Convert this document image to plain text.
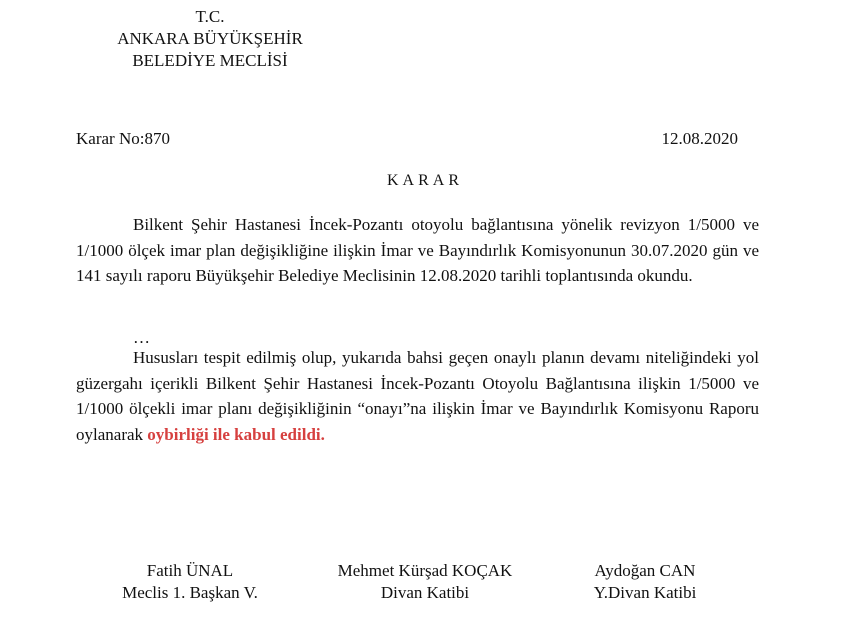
T.C.
ANKARA BÜYÜKŞEHİR
BELEDİYE MECLİSİ
Karar No:870	12.08.2020
KARAR
Bilkent Şehir Hastanesi İncek-Pozantı otoyolu bağlantısına yönelik revizyon 1/5000 ve 1/1000 ölçek imar plan değişikliğine ilişkin İmar ve Bayındırlık Komisyonunun 30.07.2020 gün ve 141 sayılı raporu Büyükşehir Belediye Meclisinin 12.08.2020 tarihli toplantısında okundu.
…
Hususları tespit edilmiş olup, yukarıda bahsi geçen onaylı planın devamı niteliğindeki yol güzergahı içerikli Bilkent Şehir Hastanesi İncek-Pozantı Otoyolu Bağlantısına ilişkin 1/5000 ve 1/1000 ölçekli imar planı değişikliğinin “onayı”na ilişkin İmar ve Bayındırlık Komisyonu Raporu oylanarak oybirliği ile kabul edildi.
Fatih ÜNAL
Meclis 1. Başkan V.
Mehmet Kürşad KOÇAK
Divan Katibi
Aydoğan CAN
Y.Divan Katibi
